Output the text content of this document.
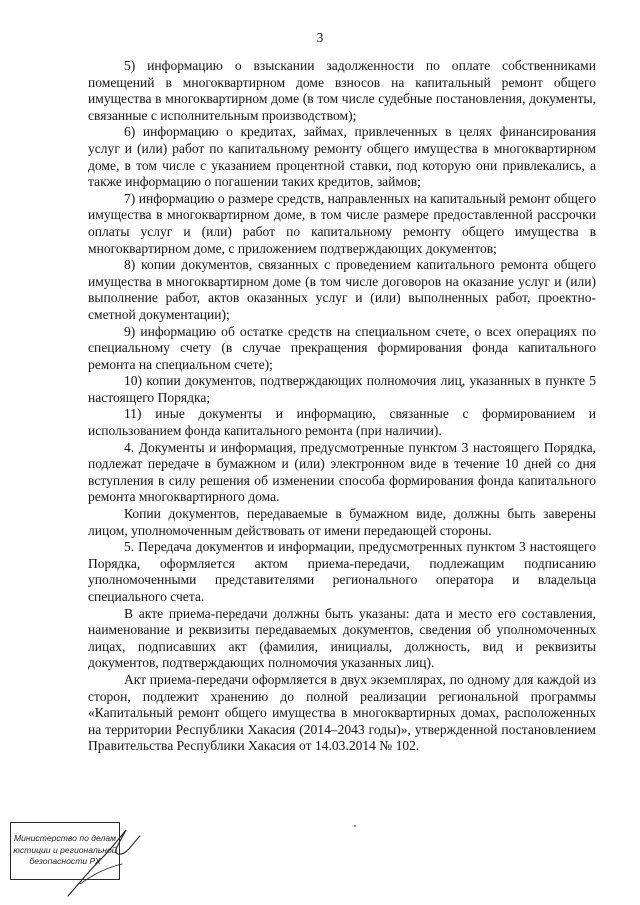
3

5) информацию о взыскании задолженности по оплате собственниками помещений в многоквартирном доме взносов на капитальный ремонт общего имущества в многоквартирном доме (в том числе судебные постановления, документы, связанные с исполнительным производством);

6) информацию о кредитах, займах, привлеченных в целях финансирования услуг и (или) работ по капитальному ремонту общего имущества в многоквартирном доме, в том числе с указанием процентной ставки, под которую они привлекались, а также информацию о погашении таких кредитов, займов;

7) информацию о размере средств, направленных на капитальный ремонт общего имущества в многоквартирном доме, в том числе размере предоставленной рассрочки оплаты услуг и (или) работ по капитальному ремонту общего имущества в многоквартирном доме, с приложением подтверждающих документов;

8) копии документов, связанных с проведением капитального ремонта общего имущества в многоквартирном доме (в том числе договоров на оказание услуг и (или) выполнение работ, актов оказанных услуг и (или) выполненных работ, проектно-сметной документации);

9) информацию об остатке средств на специальном счете, о всех операциях по специальному счету (в случае прекращения формирования фонда капитального ремонта на специальном счете);

10) копии документов, подтверждающих полномочия лиц, указанных в пункте 5 настоящего Порядка;

11) иные документы и информацию, связанные с формированием и использованием фонда капитального ремонта (при наличии).

4. Документы и информация, предусмотренные пунктом 3 настоящего Порядка, подлежат передаче в бумажном и (или) электронном виде в течение 10 дней со дня вступления в силу решения об изменении способа формирования фонда капитального ремонта многоквартирного дома.

Копии документов, передаваемые в бумажном виде, должны быть заверены лицом, уполномоченным действовать от имени передающей стороны.

5. Передача документов и информации, предусмотренных пунктом 3 настоящего Порядка, оформляется актом приема-передачи, подлежащим подписанию уполномоченными представителями регионального оператора и владельца специального счета.

В акте приема-передачи должны быть указаны: дата и место его составления, наименование и реквизиты передаваемых документов, сведения об уполномоченных лицах, подписавших акт (фамилия, инициалы, должность, вид и реквизиты документов, подтверждающих полномочия указанных лиц).

Акт приема-передачи оформляется в двух экземплярах, по одному для каждой из сторон, подлежит хранению до полной реализации региональной программы «Капитальный ремонт общего имущества в многоквартирных домах, расположенных на территории Республики Хакасия (2014–2043 годы)», утвержденной постановлением Правительства Республики Хакасия от 14.03.2014 № 102.

Министерство по делам
юстиции и региональной
безопасности РХ
